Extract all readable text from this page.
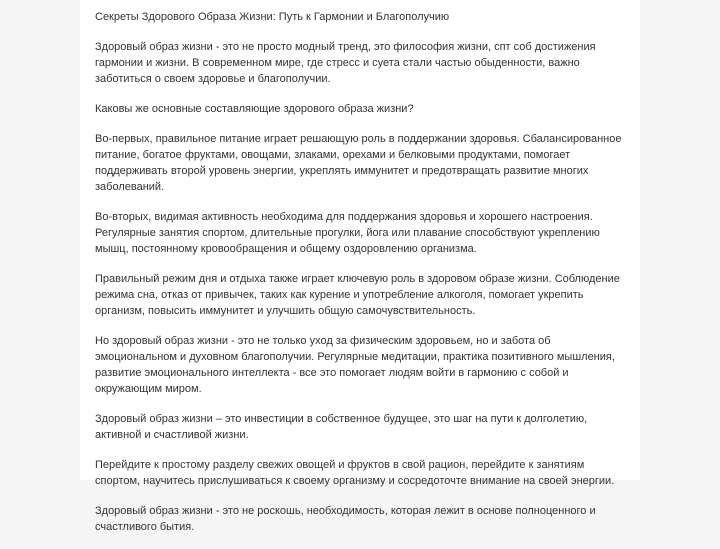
Секреты Здорового Образа Жизни: Путь к Гармонии и Благополучию

Здоровый образ жизни - это не просто модный тренд, это философия жизни, спт соб достижения гармонии и жизни. В современном мире, где стресс и суета стали частью обыденности, важно заботиться о своем здоровье и благополучии.

Каковы же основные составляющие здорового образа жизни?

Во-первых, правильное питание играет решающую роль в поддержании здоровья. Сбалансированное питание, богатое фруктами, овощами, злаками, орехами и белковыми продуктами, помогает поддерживать второй уровень энергии, укреплять иммунитет и предотвращать развитие многих заболеваний.

Во-вторых, видимая активность необходима для поддержания здоровья и хорошего настроения. Регулярные занятия спортом, длительные прогулки, йога или плавание способствуют укреплению мышц, постоянному кровообращения и общему оздоровлению организма.

Правильный режим дня и отдыха также играет ключевую роль в здоровом образе жизни. Соблюдение режима сна, отказ от привычек, таких как курение и употребление алкоголя, помогает укрепить организм, повысить иммунитет и улучшить общую самочувствительность.

Но здоровый образ жизни - это не только уход за физическим здоровьем, но и забота об эмоциональном и духовном благополучии. Регулярные медитации, практика позитивного мышления, развитие эмоционального интеллекта - все это помогает людям войти в гармонию с собой и окружающим миром.

Здоровый образ жизни – это инвестиции в собственное будущее, это шаг на пути к долголетию, активной и счастливой жизни.

Перейдите к простому разделу свежих овощей и фруктов в свой рацион, перейдите к занятиям спортом, научитесь прислушиваться к своему организму и сосредоточте внимание на своей энергии.

Здоровый образ жизни - это не роскошь, необходимость, которая лежит в основе полноценного и счастливого бытия.
